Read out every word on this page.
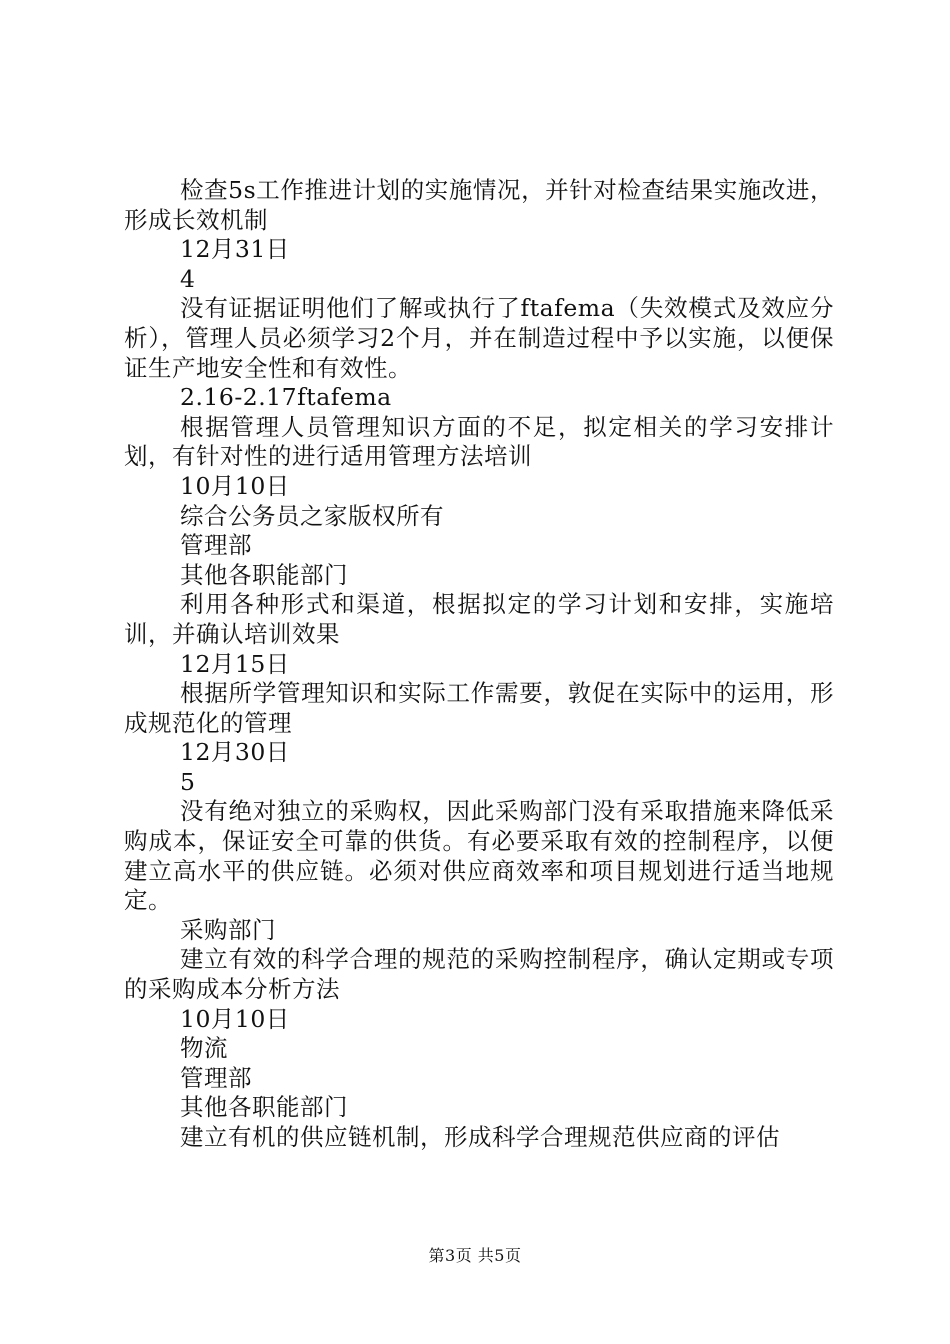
检查5s工作推进计划的实施情况，并针对检查结果实施改进，形成长效机制

12月31日

4

没有证据证明他们了解或执行了ftafema（失效模式及效应分析），管理人员必须学习2个月，并在制造过程中予以实施，以便保证生产地安全性和有效性。

2.16-2.17ftafema

根据管理人员管理知识方面的不足，拟定相关的学习安排计划，有针对性的进行适用管理方法培训

10月10日

综合公务员之家版权所有

管理部

其他各职能部门

利用各种形式和渠道，根据拟定的学习计划和安排，实施培训，并确认培训效果

12月15日

根据所学管理知识和实际工作需要，敦促在实际中的运用，形成规范化的管理

12月30日

5

没有绝对独立的采购权，因此采购部门没有采取措施来降低采购成本，保证安全可靠的供货。有必要采取有效的控制程序，以便建立高水平的供应链。必须对供应商效率和项目规划进行适当地规定。

采购部门

建立有效的科学合理的规范的采购控制程序，确认定期或专项的采购成本分析方法

10月10日

物流

管理部

其他各职能部门

建立有机的供应链机制，形成科学合理规范供应商的评估

第3页 共5页
